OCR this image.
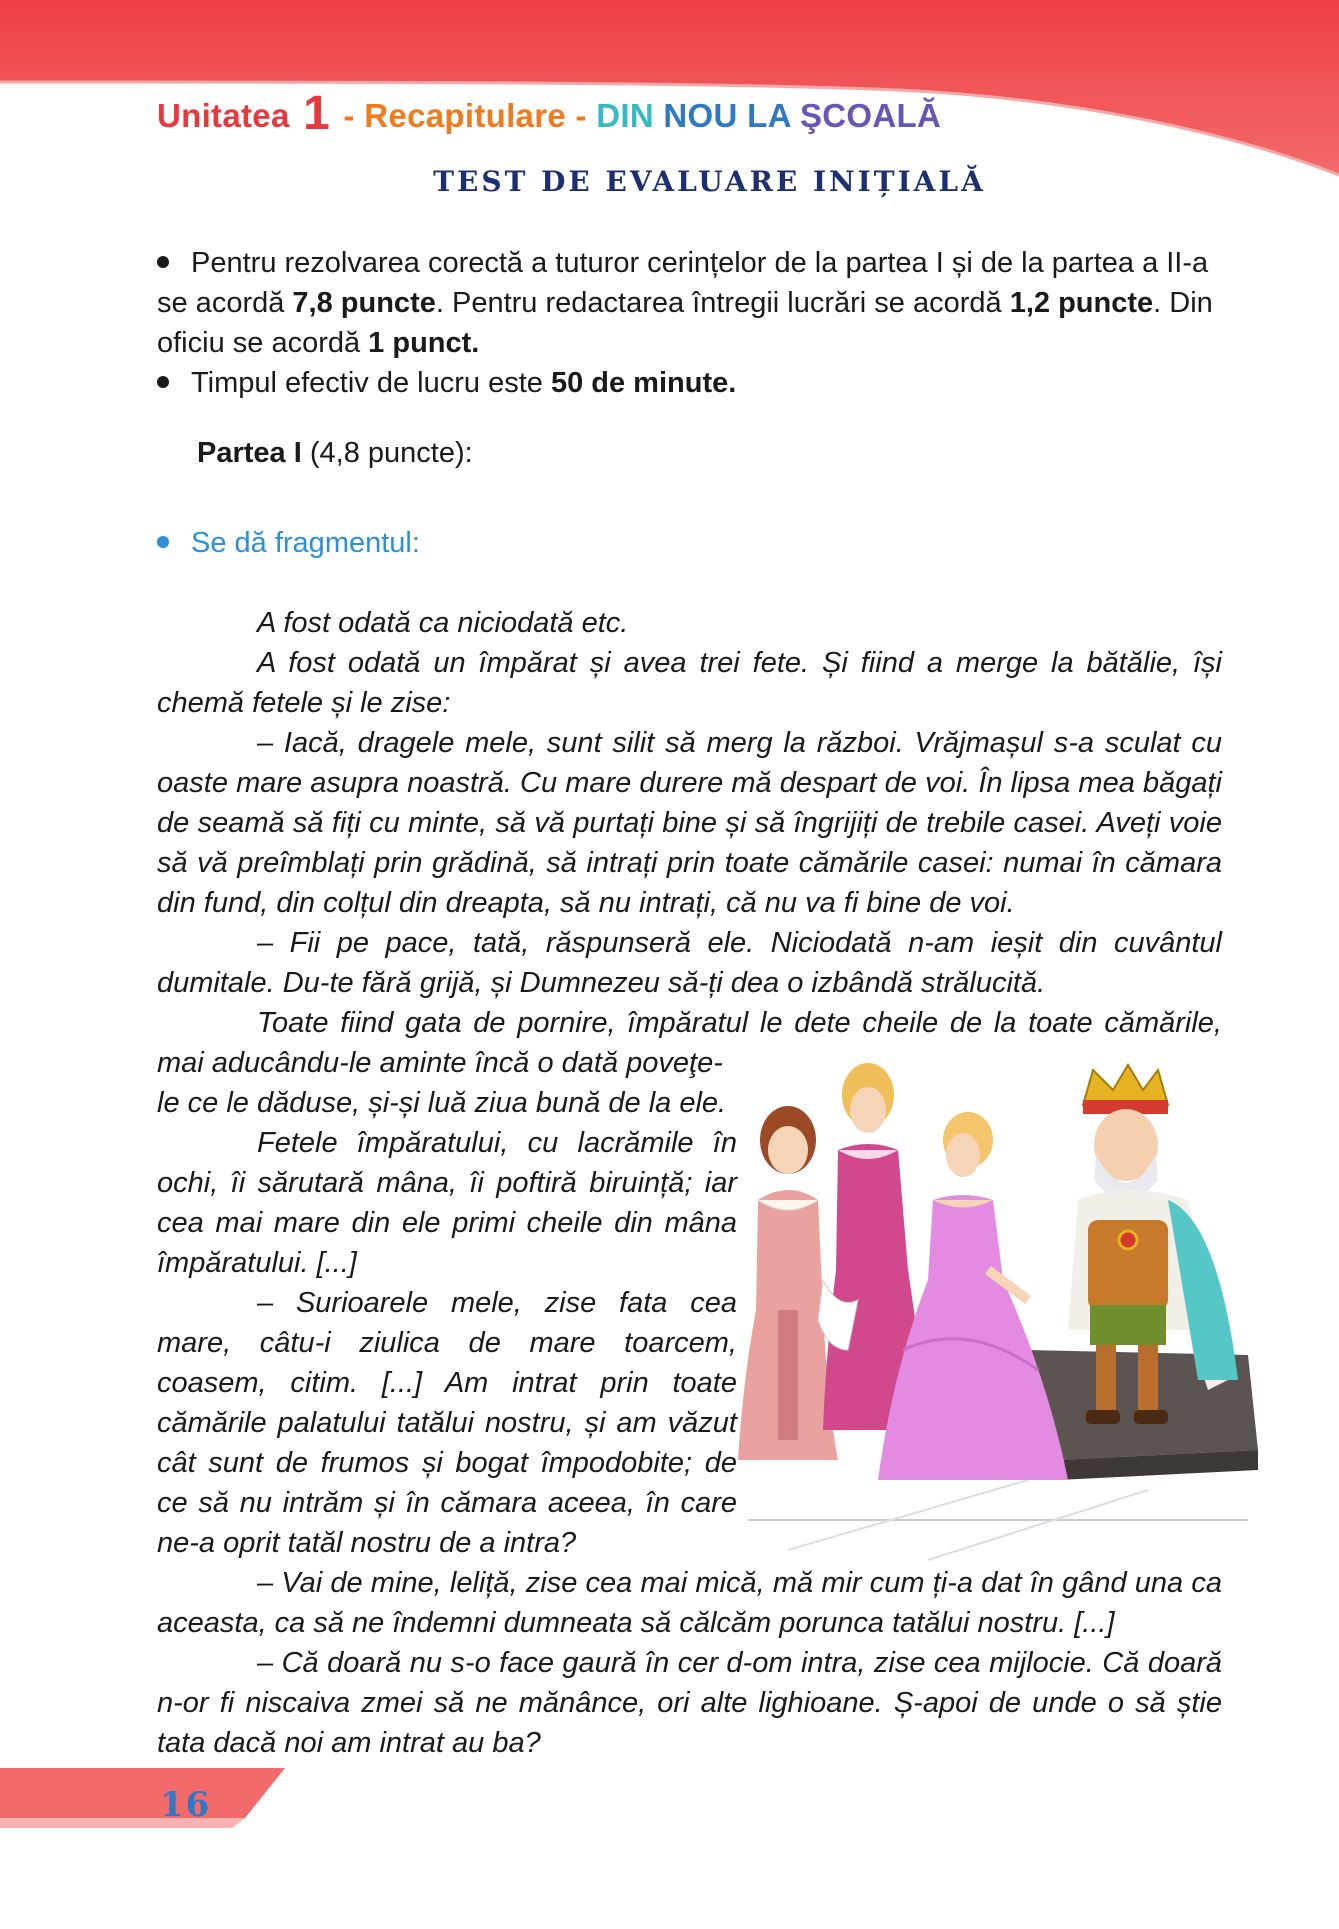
Unitatea 1 - Recapitulare - DIN NOU LA ŞCOALĂ
TEST DE EVALUARE INIȚIALĂ
Pentru rezolvarea corectă a tuturor cerințelor de la partea I și de la partea a II-a se acordă 7,8 puncte. Pentru redactarea întregii lucrări se acordă 1,2 puncte. Din oficiu se acordă 1 punct.
Timpul efectiv de lucru este 50 de minute.
Partea I (4,8 puncte):
Se dă fragmentul:

A fost odată ca niciodată etc.

A fost odată un împărat și avea trei fete. Și fiind a merge la bătălie, își chemă fetele și le zise:

– Iacă, dragele mele, sunt silit să merg la război. Vrăjmașul s-a sculat cu oaste mare asupra noastră. Cu mare durere mă despart de voi. În lipsa mea băgați de seamă să fiți cu minte, să vă purtați bine și să îngrijiți de trebile casei. Aveți voie să vă preîmblați prin grădină, să intrați prin toate cămările casei: numai în cămara din fund, din colțul din dreapta, să nu intrați, că nu va fi bine de voi.

– Fii pe pace, tată, răspunseră ele. Niciodată n-am ieșit din cuvântul dumitale. Du-te fără grijă, și Dumnezeu să-ți dea o izbândă strălucită.

Toate fiind gata de pornire, împăratul le dete cheile de la toate cămările, mai aducându-le aminte încă o dată poveţe-

le ce le dăduse, și-și luă ziua bună de la ele.

Fetele împăratului, cu lacrămile în ochi, îi sărutară mâna, îi poftiră biruință; iar cea mai mare din ele primi cheile din mâna împăratului. [...]

– Surioarele mele, zise fata cea mare, câtu-i ziulica de mare toarcem, coasem, citim. [...] Am intrat prin toate cămările palatului tatălui nostru, și am văzut cât sunt de frumos și bogat împodobite; de ce să nu intrăm și în cămara aceea, în care ne-a oprit tatăl nostru de a intra?

– Vai de mine, leliță, zise cea mai mică, mă mir cum ți-a dat în gând una ca aceasta, ca să ne îndemni dumneata să călcăm porunca tatălui nostru. [...]

– Că doară nu s-o face gaură în cer d-om intra, zise cea mijlocie. Că doară n-or fi niscaiva zmei să ne mănânce, ori alte lighioane. Ș-apoi de unde o să știe tata dacă noi am intrat au ba?

16
